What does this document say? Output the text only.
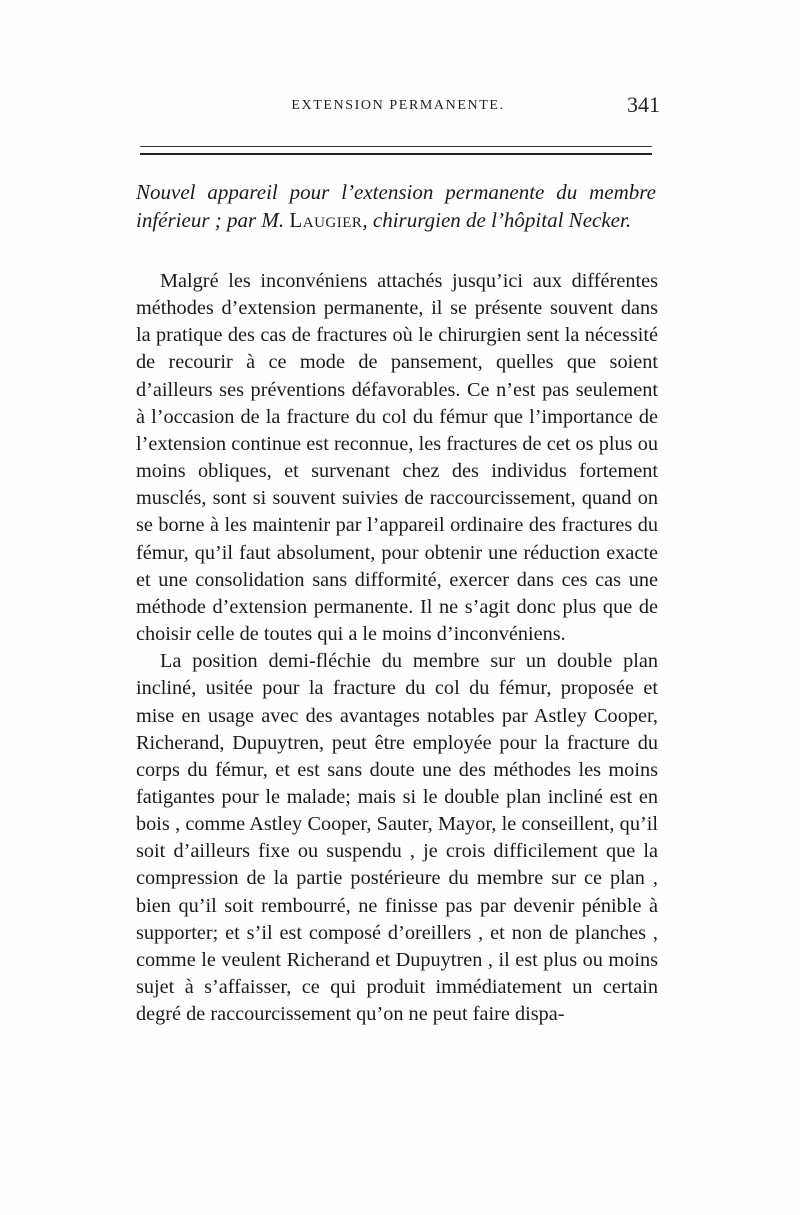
EXTENSION PERMANENTE.	341
Nouvel appareil pour l’extension permanente du membre inférieur ; par M. Laugier, chirurgien de l’hôpital Necker.

Malgré les inconvéniens attachés jusqu’ici aux différentes méthodes d’extension permanente, il se présente souvent dans la pratique des cas de fractures où le chirurgien sent la nécessité de recourir à ce mode de pansement, quelles que soient d’ailleurs ses préventions défavorables. Ce n’est pas seulement à l’occasion de la fracture du col du fémur que l’importance de l’extension continue est reconnue, les fractures de cet os plus ou moins obliques, et survenant chez des individus fortement musclés, sont si souvent suivies de raccourcissement, quand on se borne à les maintenir par l’appareil ordinaire des fractures du fémur, qu’il faut absolument, pour obtenir une réduction exacte et une consolidation sans difformité, exercer dans ces cas une méthode d’extension permanente. Il ne s’agit donc plus que de choisir celle de toutes qui a le moins d’inconvéniens.

La position demi-fléchie du membre sur un double plan incliné, usitée pour la fracture du col du fémur, proposée et mise en usage avec des avantages notables par Astley Cooper, Richerand, Dupuytren, peut être employée pour la fracture du corps du fémur, et est sans doute une des méthodes les moins fatigantes pour le malade; mais si le double plan incliné est en bois , comme Astley Cooper, Sauter, Mayor, le conseillent, qu’il soit d’ailleurs fixe ou suspendu , je crois difficilement que la compression de la partie postérieure du membre sur ce plan , bien qu’il soit rembourré, ne finisse pas par devenir pénible à supporter; et s’il est composé d’oreillers , et non de planches , comme le veulent Richerand et Dupuytren , il est plus ou moins sujet à s’affaisser, ce qui produit immédiatement un certain degré de raccourcissement qu’on ne peut faire dispa-
